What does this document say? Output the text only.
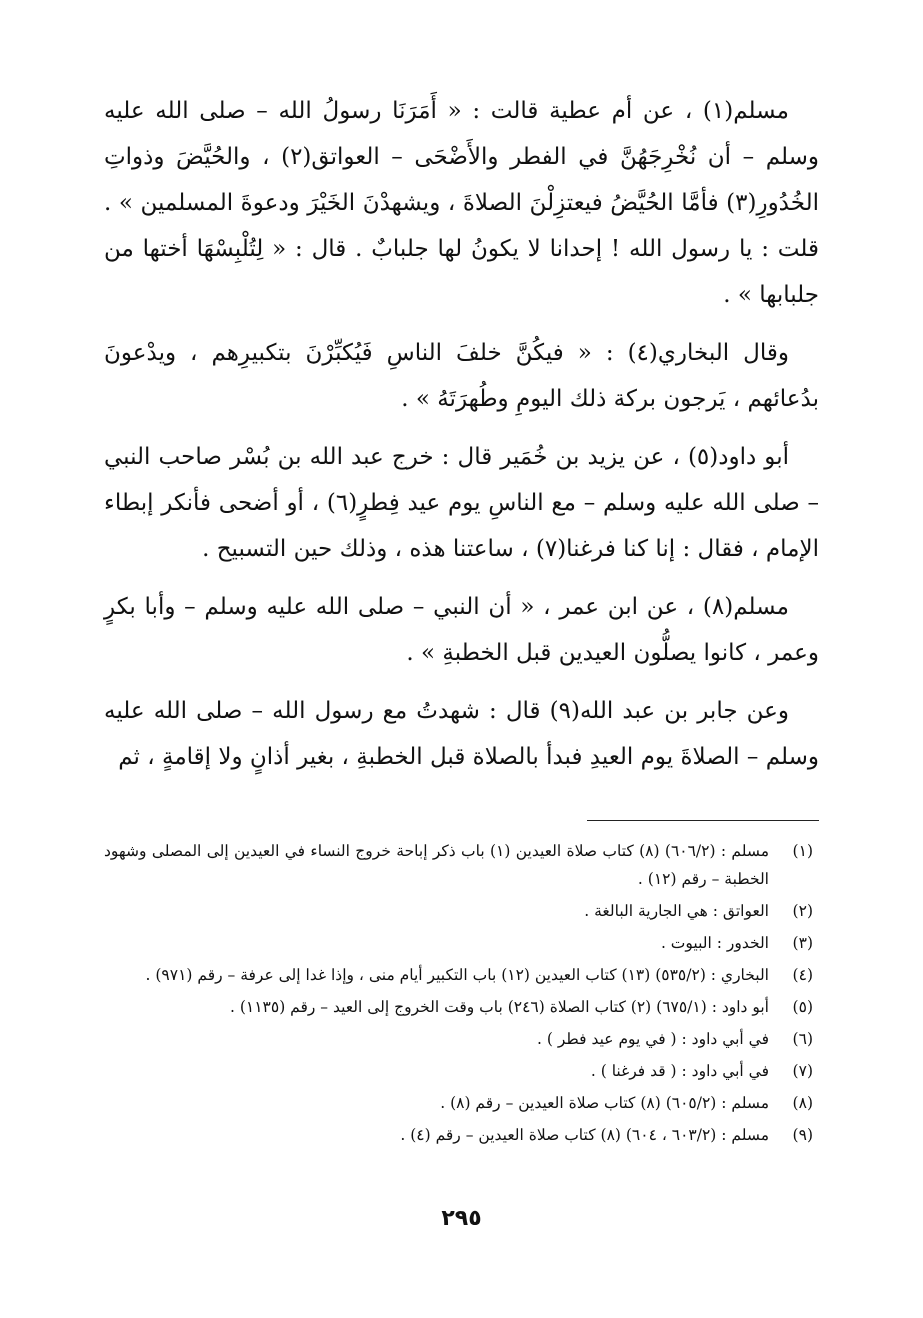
مسلم(١) ، عن أم عطية قالت : « أَمَرَنَا رسولُ الله – صلى الله عليه وسلم – أن نُخْرِجَهُنَّ في الفطر والأَضْحَى – العواتق(٢) ، والحُيَّضَ وذواتِ الخُدُورِ(٣) فأمَّا الحُيَّضُ فيعتزِلْنَ الصلاةَ ، ويشهدْنَ الخَيْرَ ودعوةَ المسلمين » . قلت : يا رسول الله ! إحدانا لا يكونُ لها جلبابٌ . قال : « لِتُلْبِسْهَا أختها من جلبابها » .

وقال البخاري(٤) : « فيكُنَّ خلفَ الناسِ فَيُكبِّرْنَ بتكبيرِهم ، ويدْعونَ بدُعائهم ، يَرجون بركة ذلك اليومِ وطُهرَتَهُ » .

أبو داود(٥) ، عن يزيد بن خُمَير قال : خرج عبد الله بن بُسْر صاحب النبي – صلى الله عليه وسلم – مع الناسِ يوم عيد فِطرٍ(٦) ، أو أضحى فأنكر إبطاء الإمام ، فقال : إنا كنا فرغنا(٧) ، ساعتنا هذه ، وذلك حين التسبيح .

مسلم(٨) ، عن ابن عمر ، « أن النبي – صلى الله عليه وسلم – وأبا بكرٍ وعمر ، كانوا يصلُّون العيدين قبل الخطبةِ » .

وعن جابر بن عبد الله(٩) قال : شهدتُ مع رسول الله – صلى الله عليه وسلم – الصلاةَ يوم العيدِ فبدأ بالصلاة قبل الخطبةِ ، بغير أذانٍ ولا إقامةٍ ، ثم

(١)
مسلم : (٦٠٦/٢) (٨) كتاب صلاة العيدين (١) باب ذكر إباحة خروج النساء في العيدين إلى المصلى وشهود الخطبة – رقم (١٢) .
(٢)
العواتق : هي الجارية البالغة .
(٣)
الخدور : البيوت .
(٤)
البخاري : (٥٣٥/٢) (١٣) كتاب العيدين (١٢) باب التكبير أيام منى ، وإذا غدا إلى عرفة – رقم (٩٧١) .
(٥)
أبو داود : (٦٧٥/١) (٢) كتاب الصلاة (٢٤٦) باب وقت الخروج إلى العيد – رقم (١١٣٥) .
(٦)
في أبي داود : ( في يوم عيد فطر ) .
(٧)
في أبي داود : ( قد فرغنا ) .
(٨)
مسلم : (٦٠٥/٢) (٨) كتاب صلاة العيدين – رقم (٨) .
(٩)
مسلم : (٦٠٣/٢ ، ٦٠٤) (٨) كتاب صلاة العيدين – رقم (٤) .
٢٩٥
